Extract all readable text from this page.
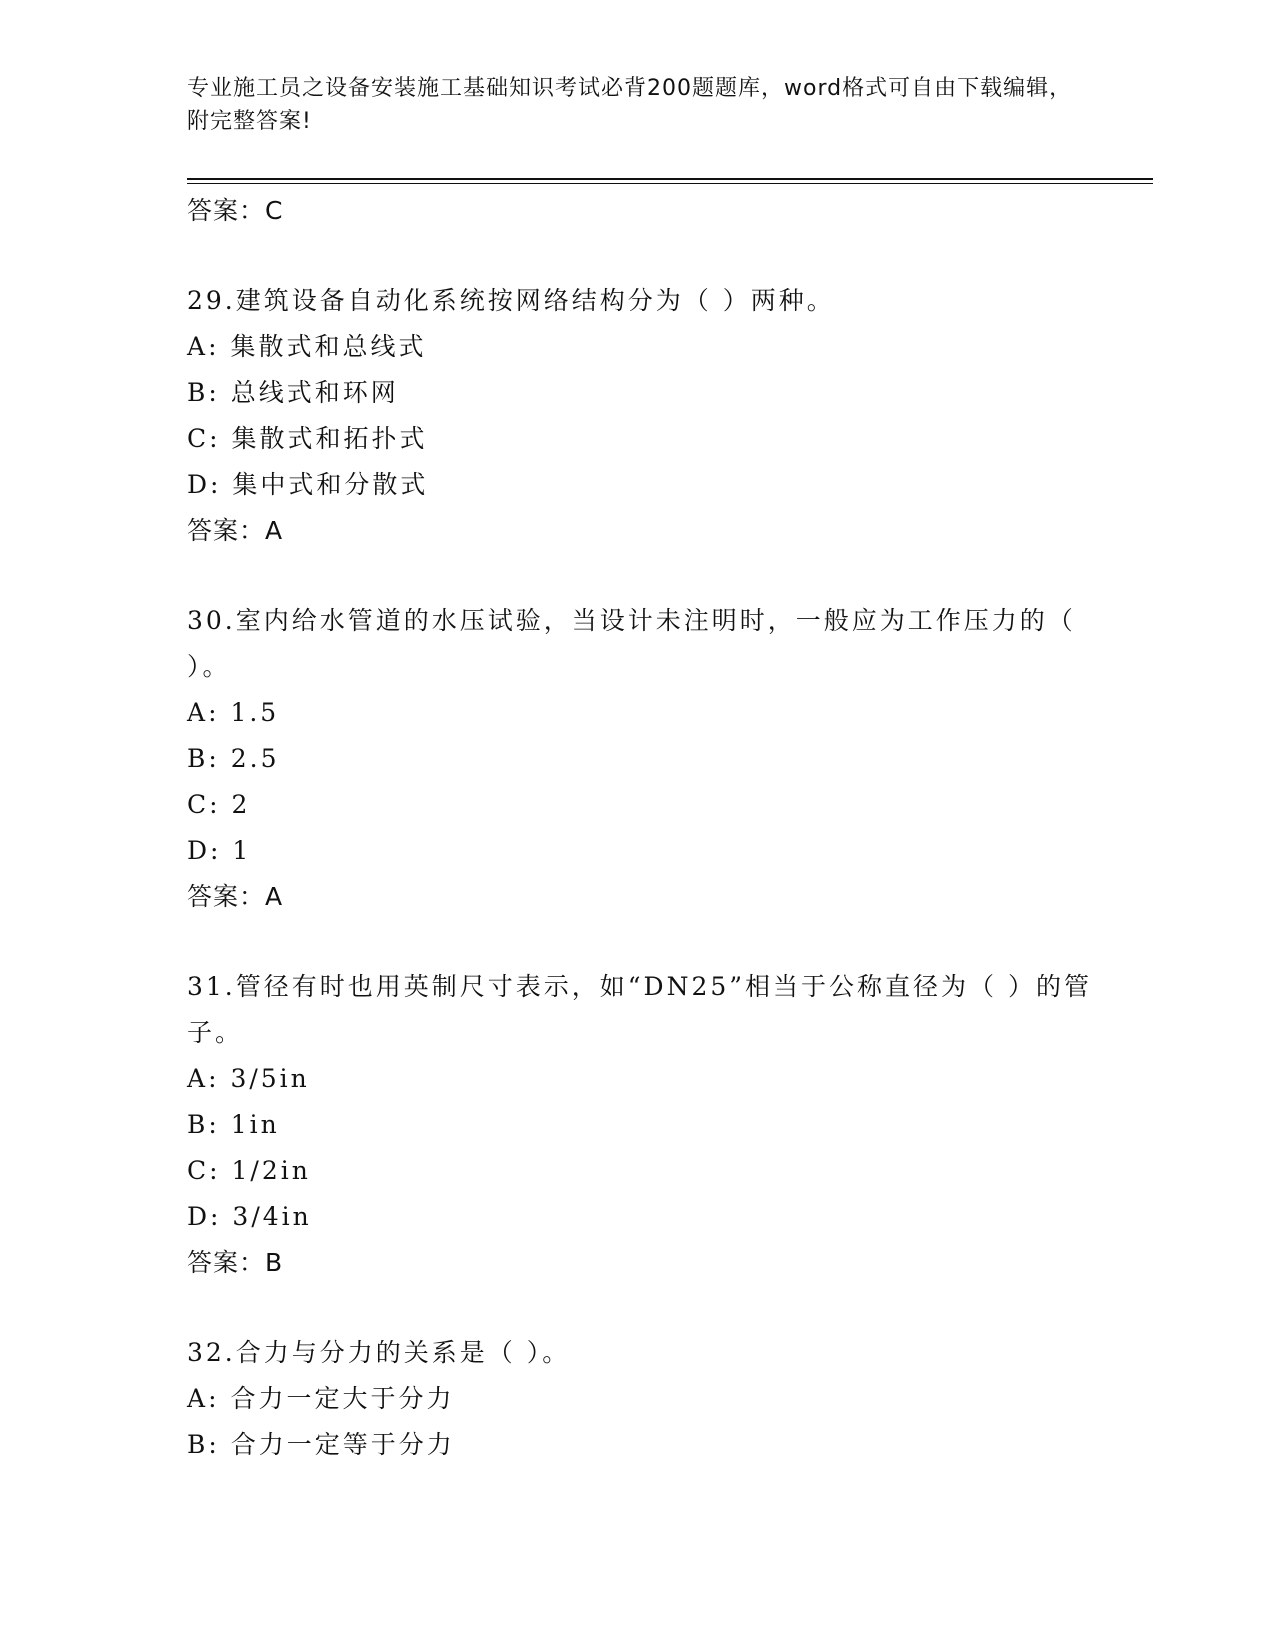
专业施工员之设备安装施工基础知识考试必背200题题库，word格式可自由下载编辑，附完整答案!
答案：C
29.建筑设备自动化系统按网络结构分为（ ）两种。
A: 集散式和总线式
B: 总线式和环网
C: 集散式和拓扑式
D: 集中式和分散式
答案：A
30.室内给水管道的水压试验，当设计未注明时，一般应为工作压力的（ ）。
A: 1.5
B: 2.5
C: 2
D: 1
答案：A
31.管径有时也用英制尺寸表示，如“DN25”相当于公称直径为（ ）的管子。
A: 3/5in
B: 1in
C: 1/2in
D: 3/4in
答案：B
32.合力与分力的关系是（ ）。
A: 合力一定大于分力
B: 合力一定等于分力
